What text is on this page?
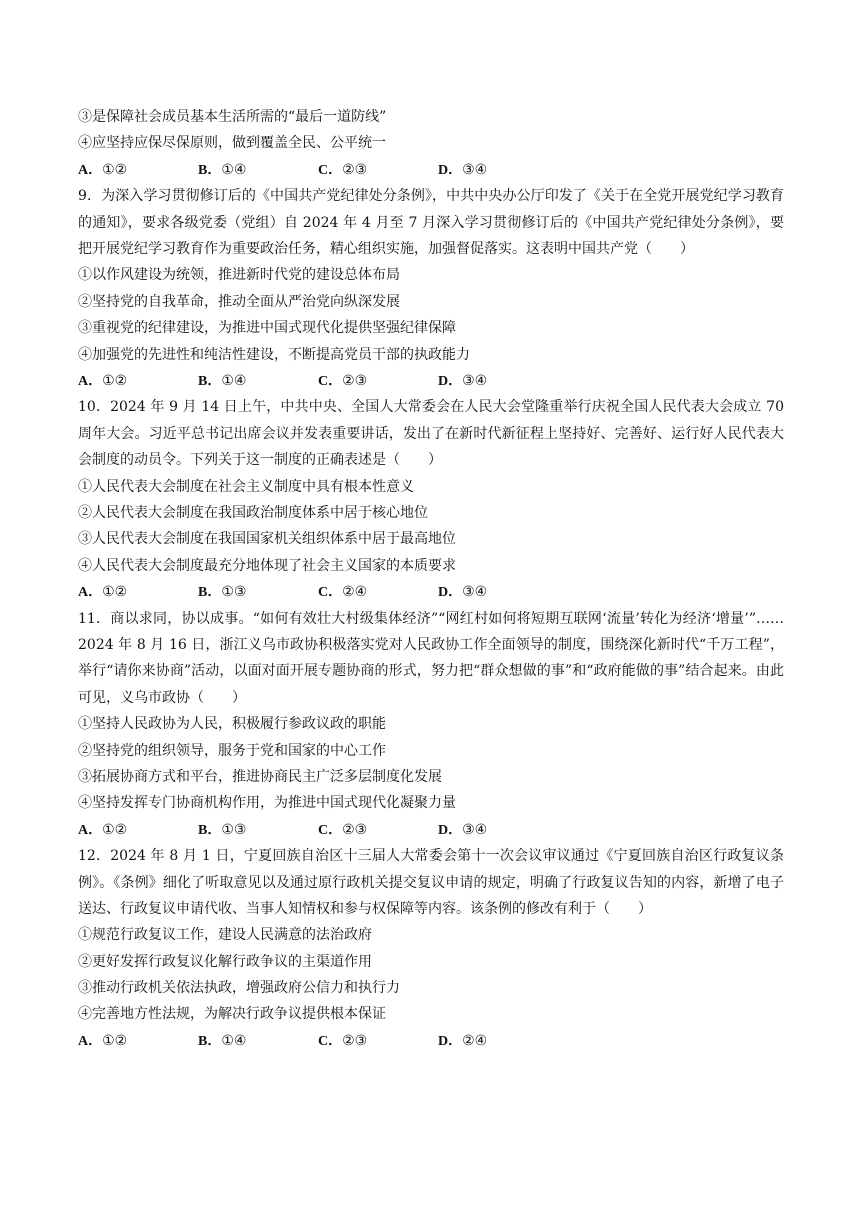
③是保障社会成员基本生活所需的“最后一道防线”
④应坚持应保尽保原则，做到覆盖全民、公平统一
A．①②	B．①④	C．②③	D．③④
9．为深入学习贯彻修订后的《中国共产党纪律处分条例》，中共中央办公厅印发了《关于在全党开展党纪学习教育的通知》，要求各级党委（党组）自 2024 年 4 月至 7 月深入学习贯彻修订后的《中国共产党纪律处分条例》，要把开展党纪学习教育作为重要政治任务，精心组织实施，加强督促落实。这表明中国共产党（　　）
①以作风建设为统领，推进新时代党的建设总体布局
②坚持党的自我革命，推动全面从严治党向纵深发展
③重视党的纪律建设，为推进中国式现代化提供坚强纪律保障
④加强党的先进性和纯洁性建设，不断提高党员干部的执政能力
A．①②	B．①④	C．②③	D．③④
10．2024 年 9 月 14 日上午，中共中央、全国人大常委会在人民大会堂隆重举行庆祝全国人民代表大会成立 70 周年大会。习近平总书记出席会议并发表重要讲话，发出了在新时代新征程上坚持好、完善好、运行好人民代表大会制度的动员令。下列关于这一制度的正确表述是（　　）
①人民代表大会制度在社会主义制度中具有根本性意义
②人民代表大会制度在我国政治制度体系中居于核心地位
③人民代表大会制度在我国国家机关组织体系中居于最高地位
④人民代表大会制度最充分地体现了社会主义国家的本质要求
A．①②	B．①③	C．②④	D．③④
11．商以求同，协以成事。“如何有效壮大村级集体经济”“网红村如何将短期互联网‘流量’转化为经济‘增量’”……2024 年 8 月 16 日，浙江义乌市政协积极落实党对人民政协工作全面领导的制度，围绕深化新时代“千万工程”，举行“请你来协商”活动，以面对面开展专题协商的形式，努力把“群众想做的事”和“政府能做的事”结合起来。由此可见，义乌市政协（　　）
①坚持人民政协为人民，积极履行参政议政的职能
②坚持党的组织领导，服务于党和国家的中心工作
③拓展协商方式和平台，推进协商民主广泛多层制度化发展
④坚持发挥专门协商机构作用，为推进中国式现代化凝聚力量
A．①②	B．①③	C．②③	D．③④
12．2024 年 8 月 1 日，宁夏回族自治区十三届人大常委会第十一次会议审议通过《宁夏回族自治区行政复议条例》。《条例》细化了听取意见以及通过原行政机关提交复议申请的规定，明确了行政复议告知的内容，新增了电子送达、行政复议申请代收、当事人知情权和参与权保障等内容。该条例的修改有利于（　　）
①规范行政复议工作，建设人民满意的法治政府
②更好发挥行政复议化解行政争议的主渠道作用
③推动行政机关依法执政，增强政府公信力和执行力
④完善地方性法规，为解决行政争议提供根本保证
A．①②	B．①④	C．②③	D．②④
